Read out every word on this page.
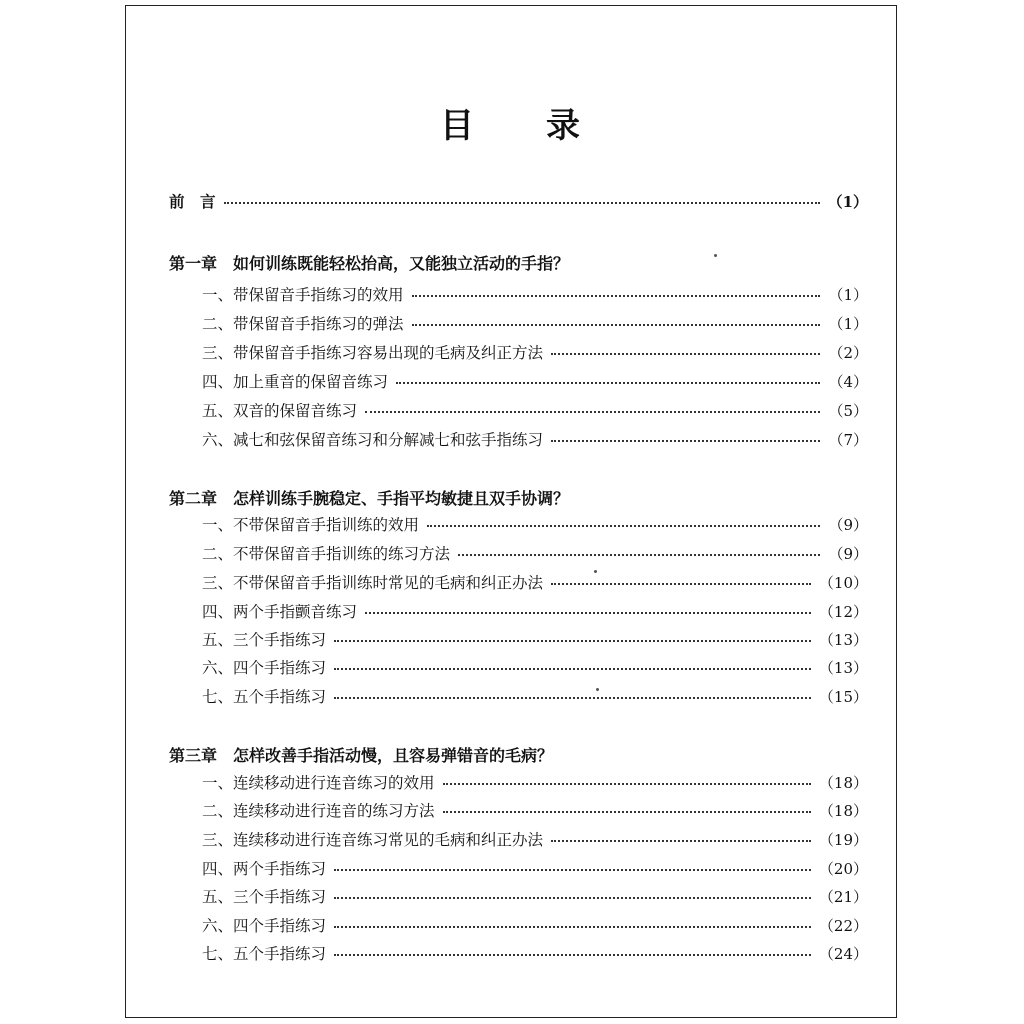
目 录
前　言	（1）
第一章 如何训练既能轻松抬高，又能独立活动的手指？
一、带保留音手指练习的效用	（1）
二、带保留音手指练习的弹法	（1）
三、带保留音手指练习容易出现的毛病及纠正方法	（2）
四、加上重音的保留音练习	（4）
五、双音的保留音练习	（5）
六、减七和弦保留音练习和分解减七和弦手指练习	（7）
第二章 怎样训练手腕稳定、手指平均敏捷且双手协调？
一、不带保留音手指训练的效用	（9）
二、不带保留音手指训练的练习方法	（9）
三、不带保留音手指训练时常见的毛病和纠正办法	（10）
四、两个手指颤音练习	（12）
五、三个手指练习	（13）
六、四个手指练习	（13）
七、五个手指练习	（15）
第三章 怎样改善手指活动慢，且容易弹错音的毛病？
一、连续移动进行连音练习的效用	（18）
二、连续移动进行连音的练习方法	（18）
三、连续移动进行连音练习常见的毛病和纠正办法	（19）
四、两个手指练习	（20）
五、三个手指练习	（21）
六、四个手指练习	（22）
七、五个手指练习	（24）
